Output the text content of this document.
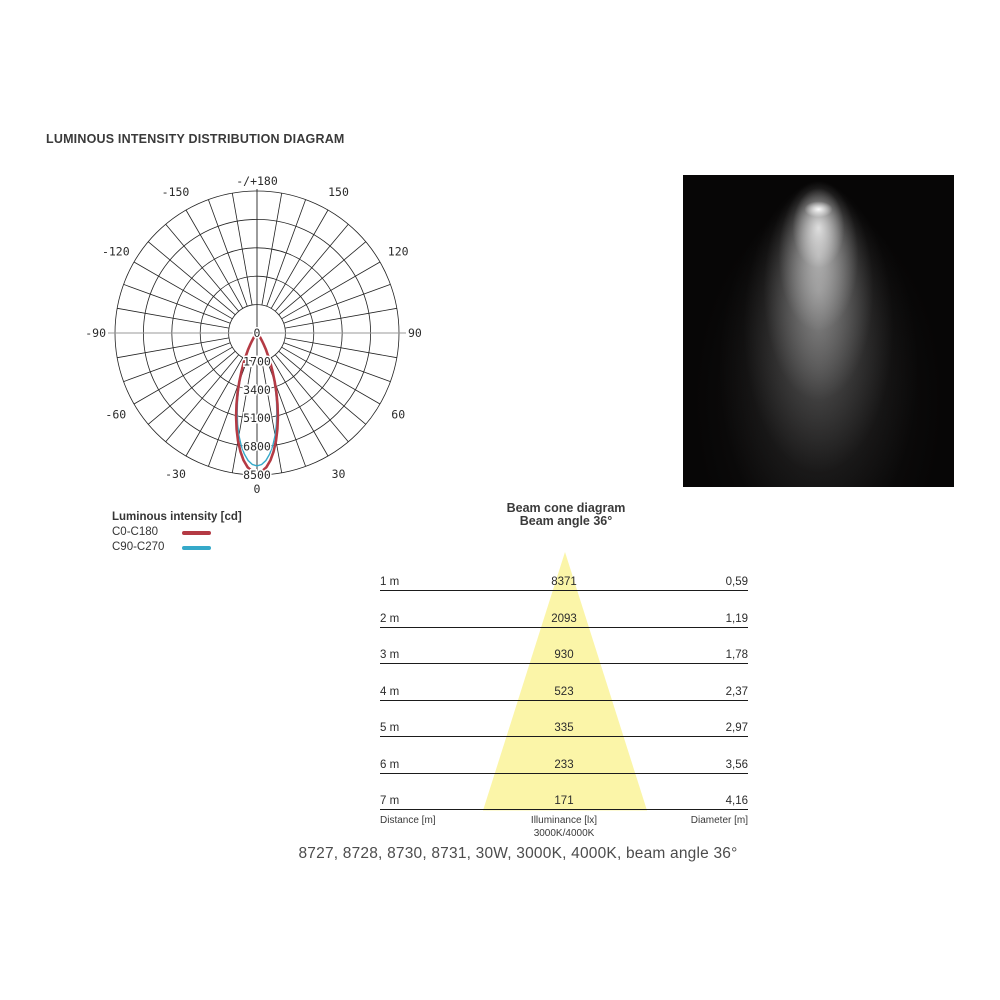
LUMINOUS INTENSITY DISTRIBUTION DIAGRAM
0
1700
3400
5100
6800
8500
-/+180
-150	150
-120	120
-90	90
-60	60
-30	30
0
Luminous intensity [cd]
C0-C180
C90-C270
Beam cone diagram
Beam angle 36°
1 m	8371	0,59
2 m	2093	1,19
3 m	930	1,78
4 m	523	2,37
5 m	335	2,97
6 m	233	3,56
7 m	171	4,16
Distance [m]	Illuminance [lx]
3000K/4000K
Diameter [m]
8727, 8728, 8730, 8731, 30W, 3000K, 4000K, beam angle 36°
